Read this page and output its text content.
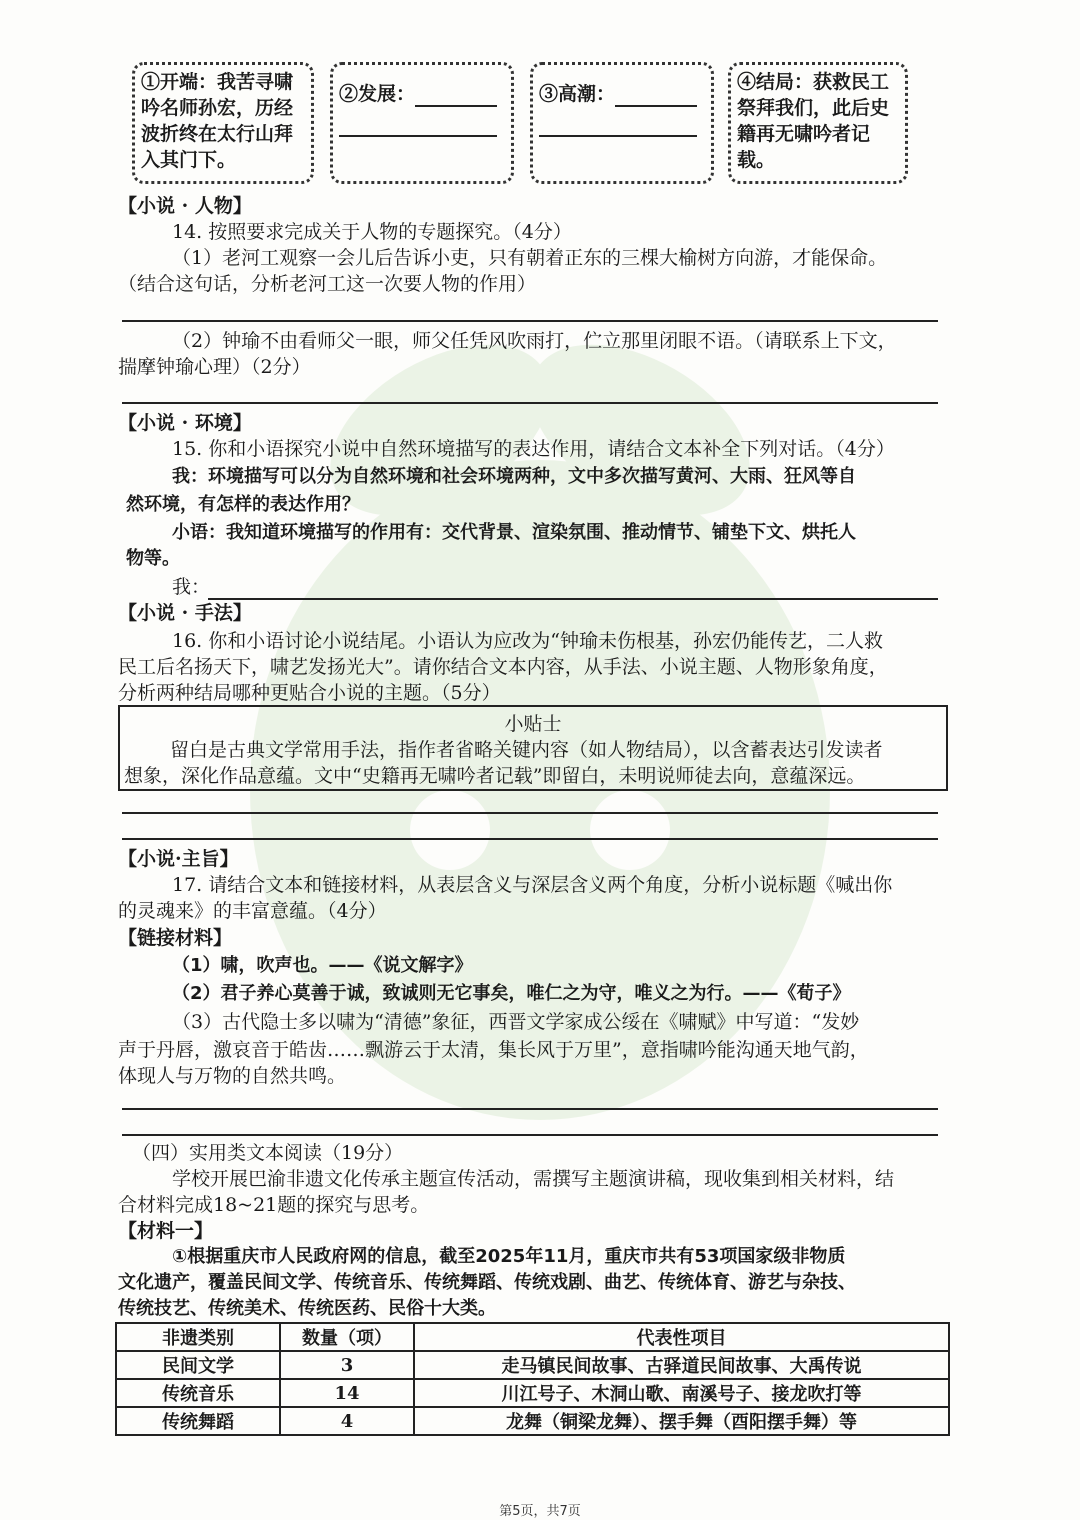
①开端：我苦寻啸吟名师孙宏，历经波折终在太行山拜入其门下。
②发展：	③高潮：
④结局：获救民工祭拜我们，此后史籍再无啸吟者记载。
【小说 · 人物】
14. 按照要求完成关于人物的专题探究。（4分）
（1）老河工观察一会儿后告诉小吏，只有朝着正东的三棵大榆树方向游，才能保命。
（结合这句话，分析老河工这一次要人物的作用）
（2）钟瑜不由看师父一眼，师父任凭风吹雨打，伫立那里闭眼不语。（请联系上下文，
揣摩钟瑜心理）（2分）
【小说 · 环境】
15. 你和小语探究小说中自然环境描写的表达作用，请结合文本补全下列对话。（4分）
我：环境描写可以分为自然环境和社会环境两种，文中多次描写黄河、大雨、狂风等自
然环境，有怎样的表达作用？
小语：我知道环境描写的作用有：交代背景、渲染氛围、推动情节、铺垫下文、烘托人
物等。
我：
【小说 · 手法】
16. 你和小语讨论小说结尾。小语认为应改为“钟瑜未伤根基，孙宏仍能传艺，二人救
民工后名扬天下，啸艺发扬光大”。请你结合文本内容，从手法、小说主题、人物形象角度，
分析两种结局哪种更贴合小说的主题。（5分）
小贴士
留白是古典文学常用手法，指作者省略关键内容（如人物结局），以含蓄表达引发读者
想象，深化作品意蕴。文中“史籍再无啸吟者记载”即留白，未明说师徒去向，意蕴深远。
【小说·主旨】
17. 请结合文本和链接材料，从表层含义与深层含义两个角度，分析小说标题《喊出你
的灵魂来》的丰富意蕴。（4分）
【链接材料】
（1）啸，吹声也。——《说文解字》
（2）君子养心莫善于诚，致诚则无它事矣，唯仁之为守，唯义之为行。——《荀子》
（3）古代隐士多以啸为“清德”象征，西晋文学家成公绥在《啸赋》中写道：“发妙
声于丹唇，激哀音于皓齿……飘游云于太清，集长风于万里”，意指啸吟能沟通天地气韵，
体现人与万物的自然共鸣。
（四）实用类文本阅读（19分）
学校开展巴渝非遗文化传承主题宣传活动，需撰写主题演讲稿，现收集到相关材料，结
合材料完成18~21题的探究与思考。
【材料一】
①根据重庆市人民政府网的信息，截至2025年11月，重庆市共有53项国家级非物质
文化遗产，覆盖民间文学、传统音乐、传统舞蹈、传统戏剧、曲艺、传统体育、游艺与杂技、
传统技艺、传统美术、传统医药、民俗十大类。
非遗类别	数量（项）	代表性项目
民间文学	3	走马镇民间故事、古驿道民间故事、大禹传说
传统音乐	14	川江号子、木洞山歌、南溪号子、接龙吹打等
传统舞蹈	4	龙舞（铜梁龙舞）、摆手舞（酉阳摆手舞）等
第5页，共7页
